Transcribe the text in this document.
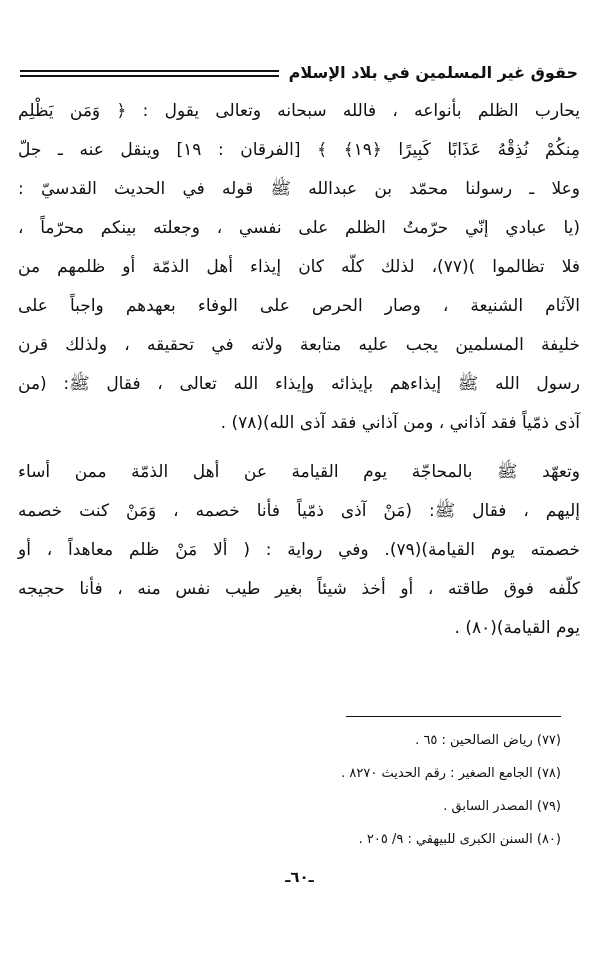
حقوق غير المسلمين في بلاد الإسلام
يحارب الظلم بأنواعه ، فالله سبحانه وتعالى يقول : ﴿ وَمَن يَظْلِم
مِنكُمْ نُذِقْهُ عَذَابًا كَبِيرًا ﴿١٩﴾ ﴾ [الفرقان : ١٩] وينقل عنه ـ جلّ
وعلا ـ رسولنا محمّد بن عبدالله ﷺ قوله في الحديث القدسيّ :
(يا عبادي إنّي حرّمتُ الظلم على نفسي ، وجعلته بينكم محرّماً ،
فلا تظالموا )(٧٧)، لذلك كلّه كان إيذاء أهل الذمّة أو ظلمهم من
الآثام الشنيعة ، وصار الحرص على الوفاء بعهدهم واجباً على
خليفة المسلمين يجب عليه متابعة ولاته في تحقيقه ، ولذلك قرن
رسول الله ﷺ إيذاءهم بإيذائه وإيذاء الله تعالى ، فقال ﷺ: (من
آذى ذمّياً فقد آذاني ، ومن آذاني فقد آذى الله)(٧٨) .
وتعهّد ﷺ بالمحاجّة يوم القيامة عن أهل الذمّة ممن أساء
إليهم ، فقال ﷺ: (مَنْ آذى ذمّياً فأنا خصمه ، وَمَنْ كنت خصمه
خصمته يوم القيامة)(٧٩). وفي رواية : ( ألا مَنْ ظلم معاهداً ، أو
كلّفه فوق طاقته ، أو أخذ شيئاً بغير طيب نفس منه ، فأنا حجيجه
يوم القيامة)(٨٠) .
(٧٧) رياض الصالحين : ٦٥ .
(٧٨) الجامع الصغير : رقم الحديث ٨٢٧٠ .
(٧٩) المصدر السابق .
(٨٠) السنن الكبرى للبيهقي : ٩/ ٢٠٥ .
ـ٦٠ـ
